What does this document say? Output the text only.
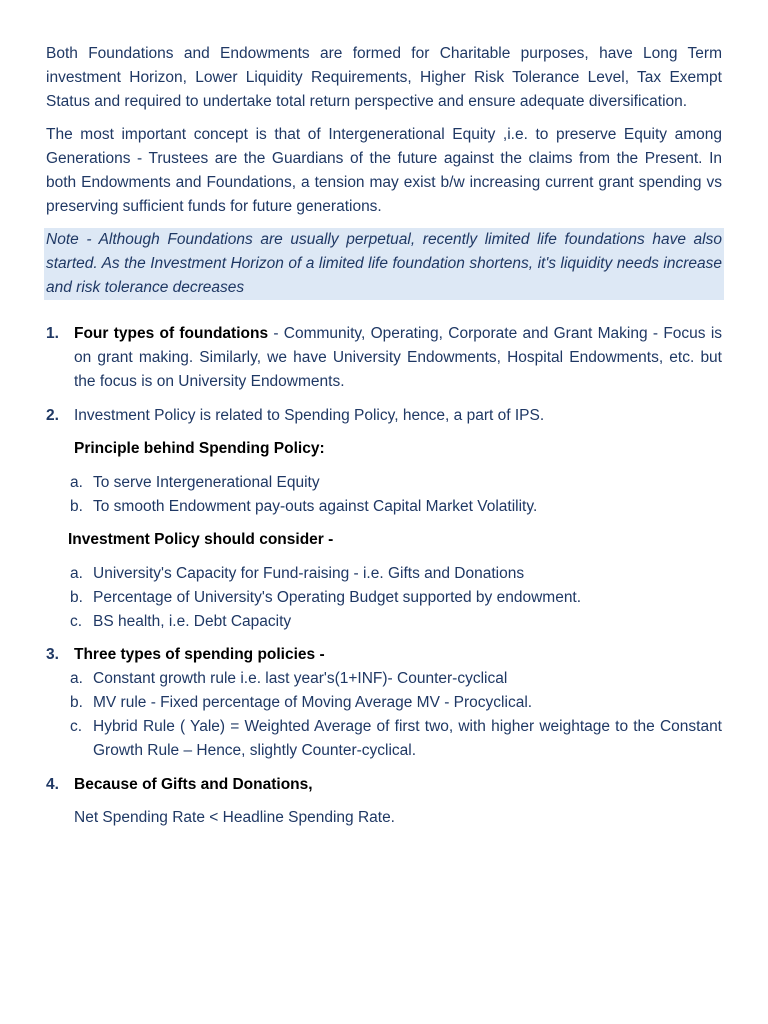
Both Foundations and Endowments are formed for Charitable purposes, have Long Term investment Horizon, Lower Liquidity Requirements, Higher Risk Tolerance Level, Tax Exempt Status and required to undertake total return perspective and ensure adequate diversification.

The most important concept is that of Intergenerational Equity ,i.e. to preserve Equity among Generations - Trustees are the Guardians of the future against the claims from the Present. In both Endowments and Foundations, a tension may exist b/w increasing current grant spending vs preserving sufficient funds for future generations.

Note - Although Foundations are usually perpetual, recently limited life foundations have also started. As the Investment Horizon of a limited life foundation shortens, it's liquidity needs increase and risk tolerance decreases

1. Four types of foundations - Community, Operating, Corporate and Grant Making - Focus is on grant making. Similarly, we have University Endowments, Hospital Endowments, etc. but the focus is on University Endowments.

2. Investment Policy is related to Spending Policy, hence, a part of IPS.

Principle behind Spending Policy:

a. To serve Intergenerational Equity
b. To smooth Endowment pay-outs against Capital Market Volatility.

Investment Policy should consider -

a. University's Capacity for Fund-raising - i.e. Gifts and Donations
b. Percentage of University's Operating Budget supported by endowment.
c. BS health, i.e. Debt Capacity
3. Three types of spending policies -

a. Constant growth rule i.e. last year's(1+INF)- Counter-cyclical
b. MV rule - Fixed percentage of Moving Average MV - Procyclical.
c. Hybrid Rule ( Yale) = Weighted Average of first two, with higher weightage to the Constant Growth Rule – Hence, slightly Counter-cyclical.

4. Because of Gifts and Donations,

Net Spending Rate < Headline Spending Rate.
